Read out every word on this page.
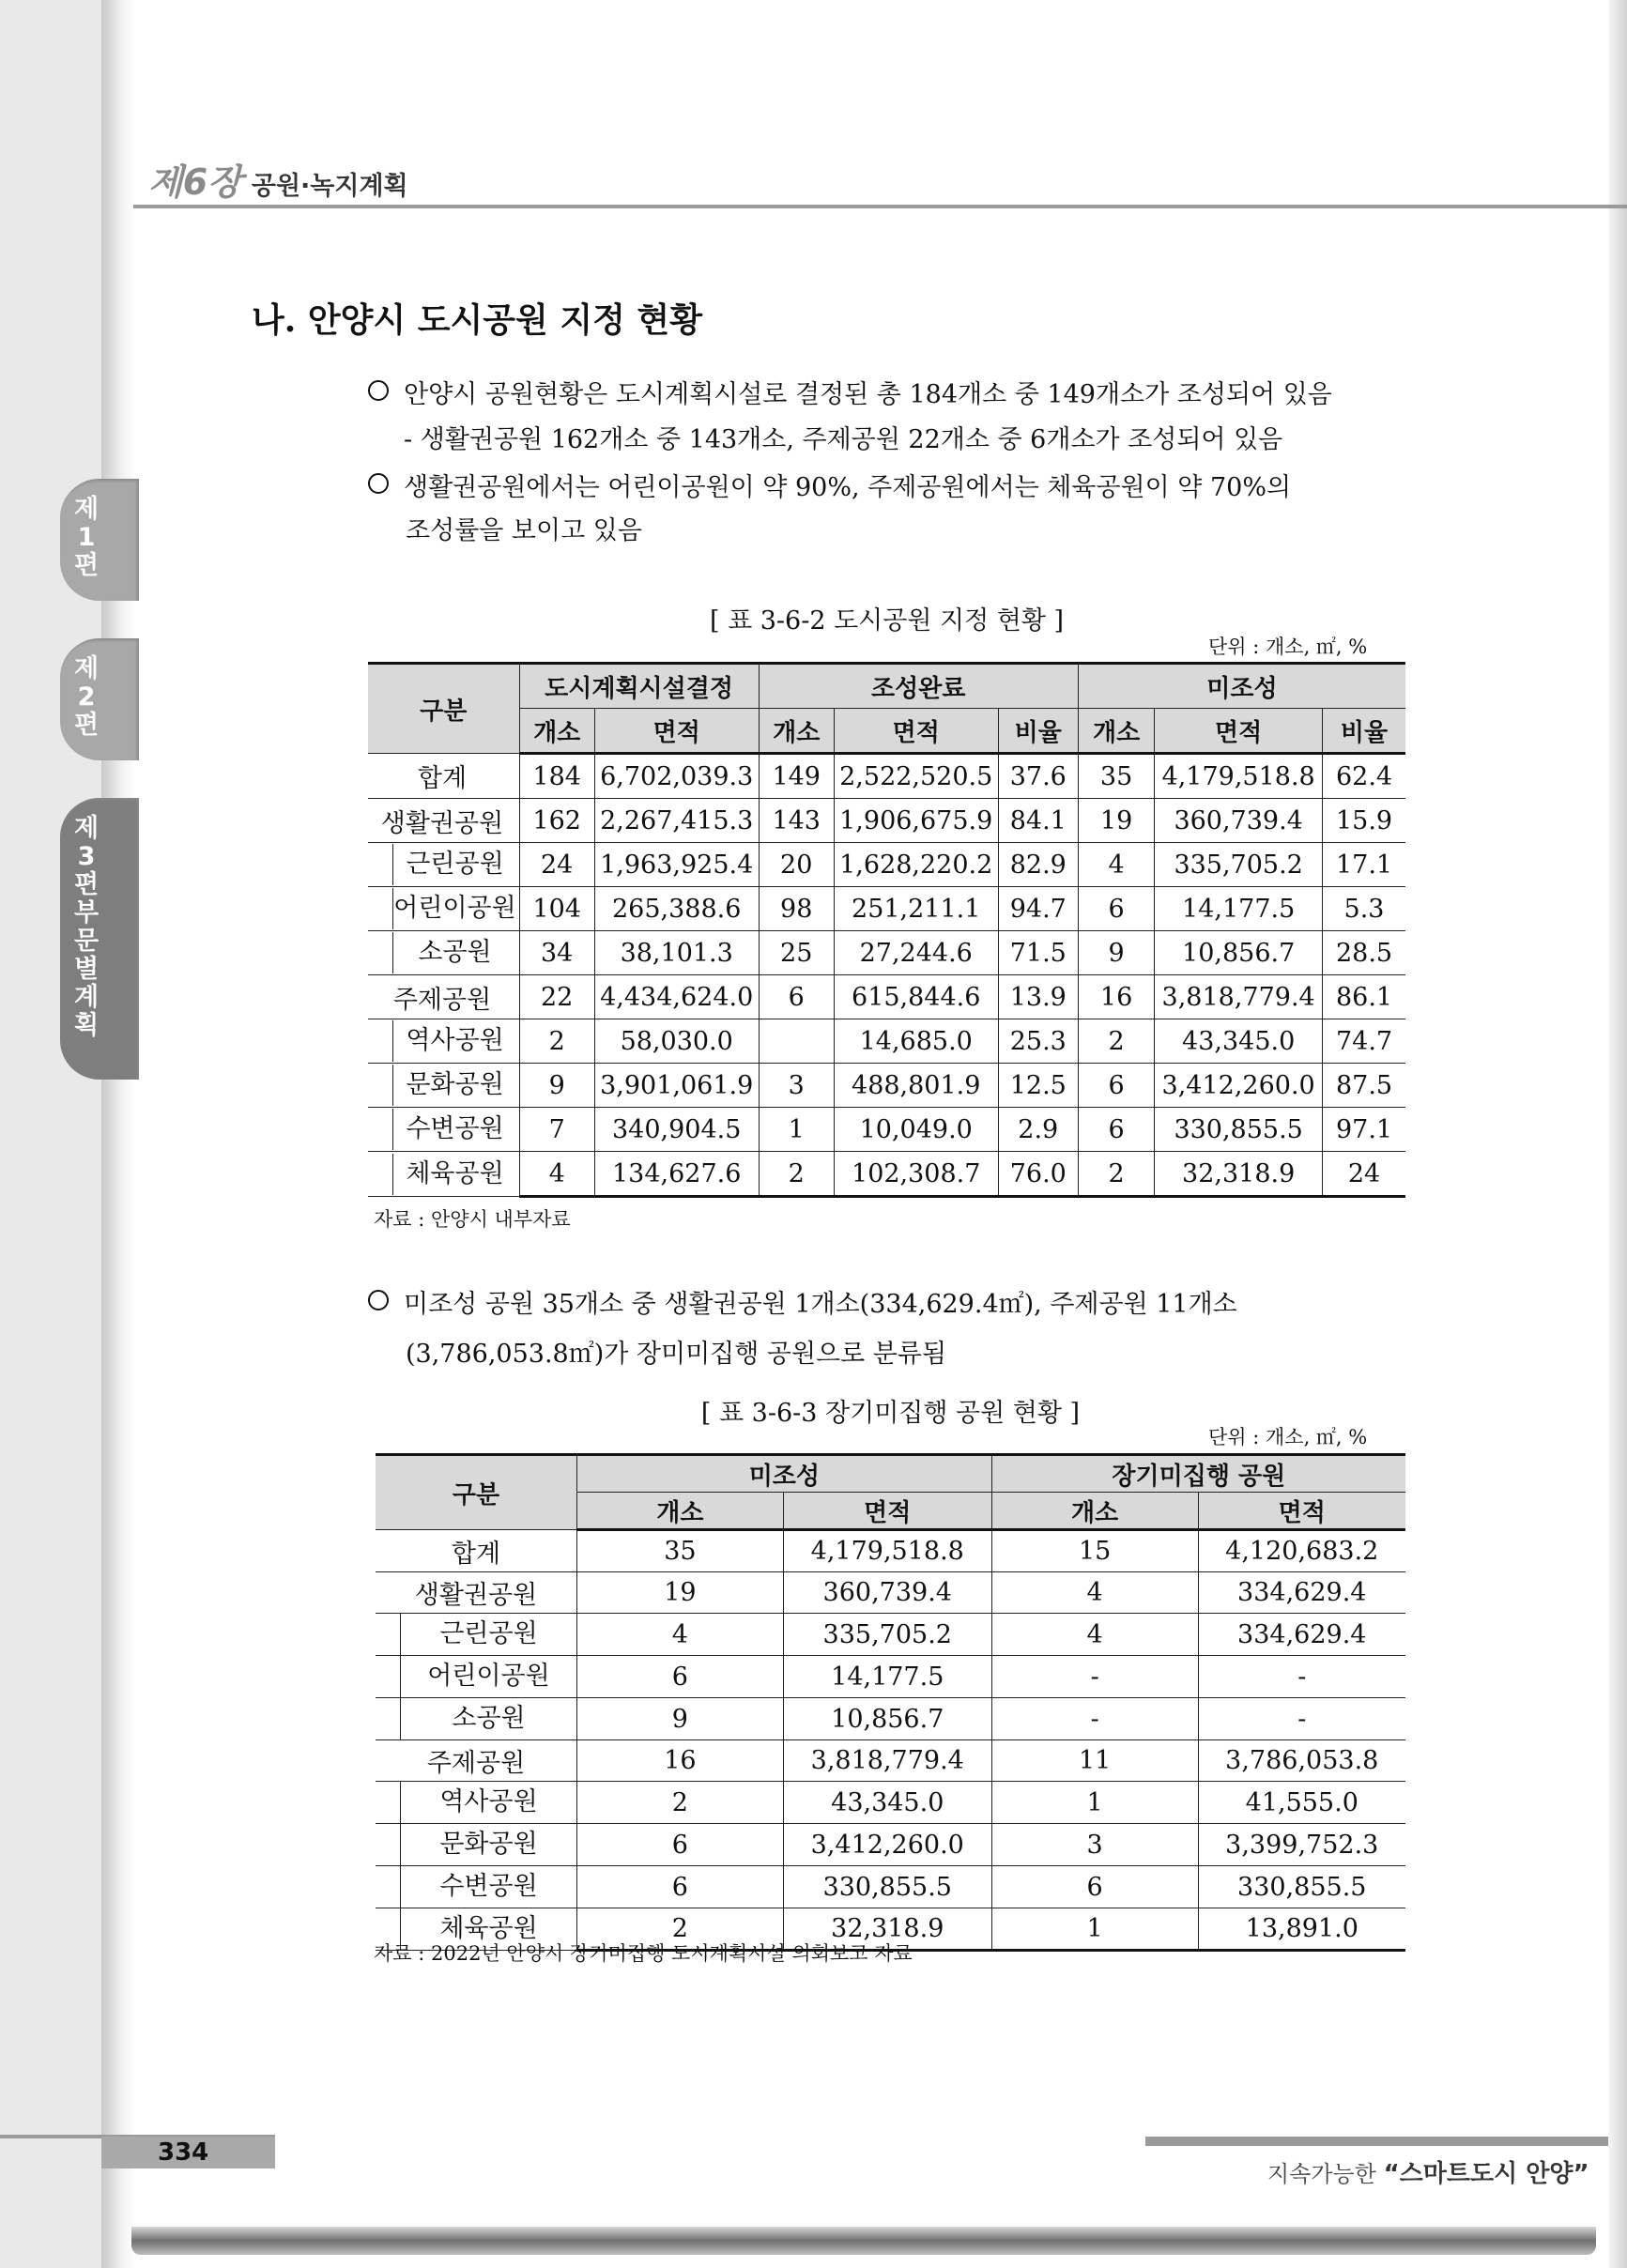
제6장 공원·녹지계획
제1편
제2편
제3편부문별계획
나. 안양시 도시공원 지정 현황
안양시 공원현황은 도시계획시설로 결정된 총 184개소 중 149개소가 조성되어 있음
- 생활권공원 162개소 중 143개소, 주제공원 22개소 중 6개소가 조성되어 있음
생활권공원에서는 어린이공원이 약 90%, 주제공원에서는 체육공원이 약 70%의
조성률을 보이고 있음
[ 표 3-6-2 도시공원 지정 현황 ]
단위 : 개소, ㎡, %
구분	도시계획시설결정		조성완료			미조성		
	개소	면적	개소	면적	비율	개소	면적	비율
합계	184	6,702,039.3	149	2,522,520.5	37.6	35	4,179,518.8	62.4
생활권공원	162	2,267,415.3	143	1,906,675.9	84.1	19	360,739.4	15.9
근린공원	24	1,963,925.4	20	1,628,220.2	82.9	4	335,705.2	17.1
어린이공원	104	265,388.6	98	251,211.1	94.7	6	14,177.5	5.3
소공원	34	38,101.3	25	27,244.6	71.5	9	10,856.7	28.5
주제공원	22	4,434,624.0	6	615,844.6	13.9	16	3,818,779.4	86.1
역사공원	2	58,030.0		14,685.0	25.3	2	43,345.0	74.7
문화공원	9	3,901,061.9	3	488,801.9	12.5	6	3,412,260.0	87.5
수변공원	7	340,904.5	1	10,049.0	2.9	6	330,855.5	97.1
체육공원	4	134,627.6	2	102,308.7	76.0	2	32,318.9	24
자료 : 안양시 내부자료
미조성 공원 35개소 중 생활권공원 1개소(334,629.4㎡), 주제공원 11개소
(3,786,053.8㎡)가 장미미집행 공원으로 분류됨
[ 표 3-6-3 장기미집행 공원 현황 ]
단위 : 개소, ㎡, %
구분	미조성		장기미집행 공원	
	개소	면적	개소	면적
합계	35	4,179,518.8	15	4,120,683.2
생활권공원	19	360,739.4	4	334,629.4
근린공원	4	335,705.2	4	334,629.4
어린이공원	6	14,177.5	-	-
소공원	9	10,856.7	-	-
주제공원	16	3,818,779.4	11	3,786,053.8
역사공원	2	43,345.0	1	41,555.0
문화공원	6	3,412,260.0	3	3,399,752.3
수변공원	6	330,855.5	6	330,855.5
체육공원	2	32,318.9	1	13,891.0
자료 : 2022년 안양시 장기미집행 도시계획시설 의회보고 자료
334
지속가능한 “스마트도시 안양”
